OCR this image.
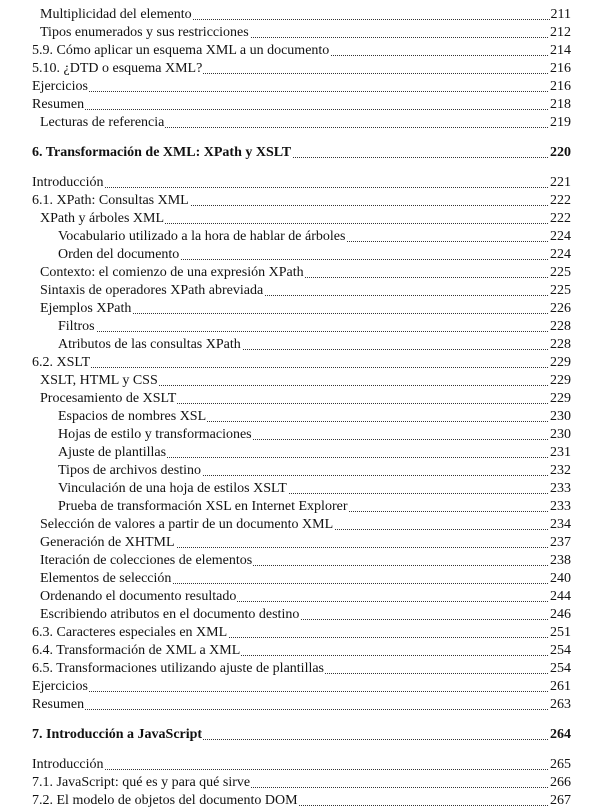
Multiplicidad del elemento	211
Tipos enumerados y sus restricciones	212
5.9. Cómo aplicar un esquema XML a un documento	214
5.10. ¿DTD o esquema XML?	216
Ejercicios	216
Resumen	218
Lecturas de referencia	219
6. Transformación de XML: XPath y XSLT	220
Introducción	221
6.1. XPath: Consultas XML	222
XPath y árboles XML	222
Vocabulario utilizado a la hora de hablar de árboles	224
Orden del documento	224
Contexto: el comienzo de una expresión XPath	225
Sintaxis de operadores XPath abreviada	225
Ejemplos XPath	226
Filtros	228
Atributos de las consultas XPath	228
6.2. XSLT	229
XSLT, HTML y CSS	229
Procesamiento de XSLT	229
Espacios de nombres XSL	230
Hojas de estilo y transformaciones	230
Ajuste de plantillas	231
Tipos de archivos destino	232
Vinculación de una hoja de estilos XSLT	233
Prueba de transformación XSL en Internet Explorer	233
Selección de valores a partir de un documento XML	234
Generación de XHTML	237
Iteración de colecciones de elementos	238
Elementos de selección	240
Ordenando el documento resultado	244
Escribiendo atributos en el documento destino	246
6.3. Caracteres especiales en XML	251
6.4. Transformación de XML a XML	254
6.5. Transformaciones utilizando ajuste de plantillas	254
Ejercicios	261
Resumen	263
7. Introducción a JavaScript	264
Introducción	265
7.1. JavaScript: qué es y para qué sirve	266
7.2. El modelo de objetos del documento DOM	267
